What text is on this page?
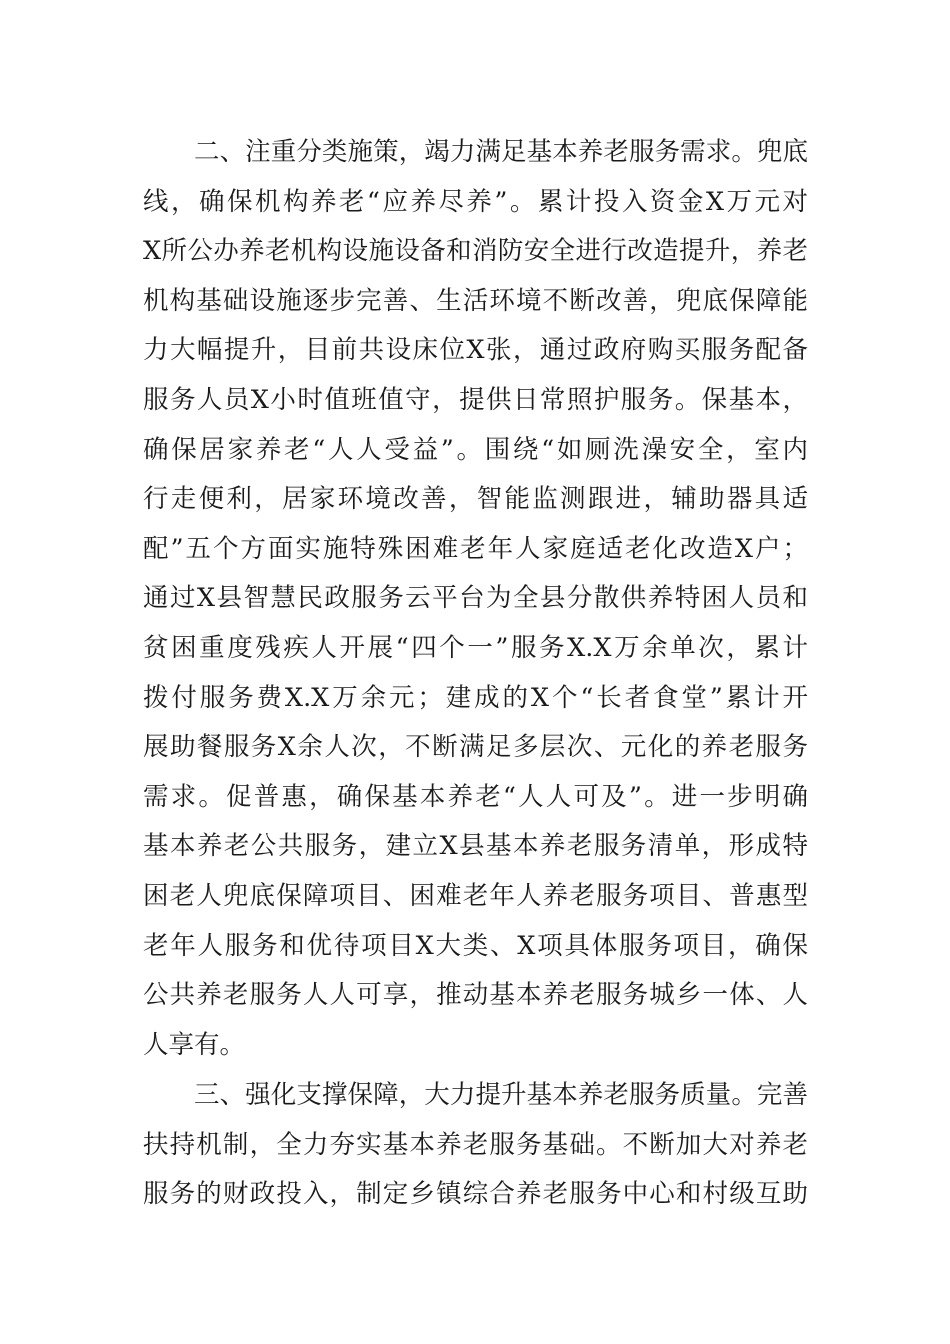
二、注重分类施策，竭力满足基本养老服务需求。兜底
线，确保机构养老“应养尽养”。累计投入资金X万元对
X所公办养老机构设施设备和消防安全进行改造提升，养老
机构基础设施逐步完善、生活环境不断改善，兜底保障能
力大幅提升，目前共设床位X张，通过政府购买服务配备
服务人员X小时值班值守，提供日常照护服务。保基本，
确保居家养老“人人受益”。围绕“如厕洗澡安全，室内
行走便利，居家环境改善，智能监测跟进，辅助器具适
配”五个方面实施特殊困难老年人家庭适老化改造X户；
通过X县智慧民政服务云平台为全县分散供养特困人员和
贫困重度残疾人开展“四个一”服务X.X万余单次，累计
拨付服务费X.X万余元；建成的X个“长者食堂”累计开
展助餐服务X余人次，不断满足多层次、元化的养老服务
需求。促普惠，确保基本养老“人人可及”。进一步明确
基本养老公共服务，建立X县基本养老服务清单，形成特
困老人兜底保障项目、困难老年人养老服务项目、普惠型
老年人服务和优待项目X大类、X项具体服务项目，确保
公共养老服务人人可享，推动基本养老服务城乡一体、人
人享有。
三、强化支撑保障，大力提升基本养老服务质量。完善
扶持机制，全力夯实基本养老服务基础。不断加大对养老
服务的财政投入，制定乡镇综合养老服务中心和村级互助
